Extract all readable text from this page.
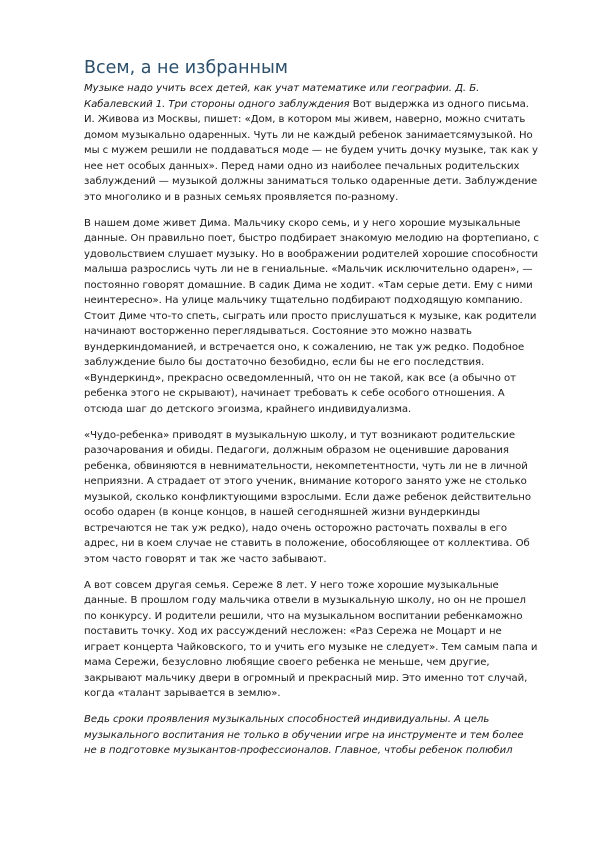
Всем, а не избранным

Музыке надо учить всех детей, как учат математике или географии. Д. Б. Кабалевский 1. Три стороны одного заблуждения Вот выдержка из одного письма. И. Живова из Москвы, пишет: «Дом, в котором мы живем, наверно, можно считать домом музыкально одаренных. Чуть ли не каждый ребенок занимаетсямузыкой. Но мы с мужем решили не поддаваться моде — не будем учить дочку музыке, так как у нее нет особых данных». Перед нами одно из наиболее печальных родительских заблуждений — музыкой должны заниматься только одаренные дети. Заблуждение это многолико и в разных семьях проявляется по-разному.

В нашем доме живет Дима. Мальчику скоро семь, и у него хорошие музыкальные данные. Он правильно поет, быстро подбирает знакомую мелодию на фортепиано, с удовольствием слушает музыку. Но в воображении родителей хорошие способности малыша разрослись чуть ли не в гениальные. «Мальчик исключительно одарен», — постоянно говорят домашние. В садик Дима не ходит. «Там серые дети. Ему с ними неинтересно». На улице мальчику тщательно подбирают подходящую компанию. Стоит Диме что-то спеть, сыграть или просто прислушаться к музыке, как родители начинают восторженно переглядываться. Состояние это можно назвать вундеркиндоманией, и встречается оно, к сожалению, не так уж редко. Подобное заблуждение было бы достаточно безобидно, если бы не его последствия. «Вундеркинд», прекрасно осведомленный, что он не такой, как все (а обычно от ребенка этого не скрывают), начинает требовать к себе особого отношения. А отсюда шаг до детского эгоизма, крайнего индивидуализма.

«Чудо-ребенка» приводят в музыкальную школу, и тут возникают родительские разочарования и обиды. Педагоги, должным образом не оценившие дарования ребенка, обвиняются в невнимательности, некомпетентности, чуть ли не в личной неприязни. А страдает от этого ученик, внимание которого занято уже не столько музыкой, сколько конфликтующими взрослыми. Если даже ребенок действительно особо одарен (в конце концов, в нашей сегодняшней жизни вундеркинды встречаются не так уж редко), надо очень осторожно расточать похвалы в его адрес, ни в коем случае не ставить в положение, обособляющее от коллектива. Об этом часто говорят и так же часто забывают.

А вот совсем другая семья. Сереже 8 лет. У него тоже хорошие музыкальные данные. В прошлом году мальчика отвели в музыкальную школу, но он не прошел по конкурсу. И родители решили, что на музыкальном воспитании ребенкаможно поставить точку. Ход их рассуждений несложен: «Раз Сережа не Моцарт и не играет концерта Чайковского, то и учить его музыке не следует». Тем самым папа и мама Сережи, безусловно любящие своего ребенка не меньше, чем другие, закрывают мальчику двери в огромный и прекрасный мир. Это именно тот случай, когда «талант зарывается в землю».

Ведь сроки проявления музыкальных способностей индивидуальны. А цель музыкального воспитания не только в обучении игре на инструменте и тем более не в подготовке музыкантов-профессионалов. Главное, чтобы ребенок полюбил
